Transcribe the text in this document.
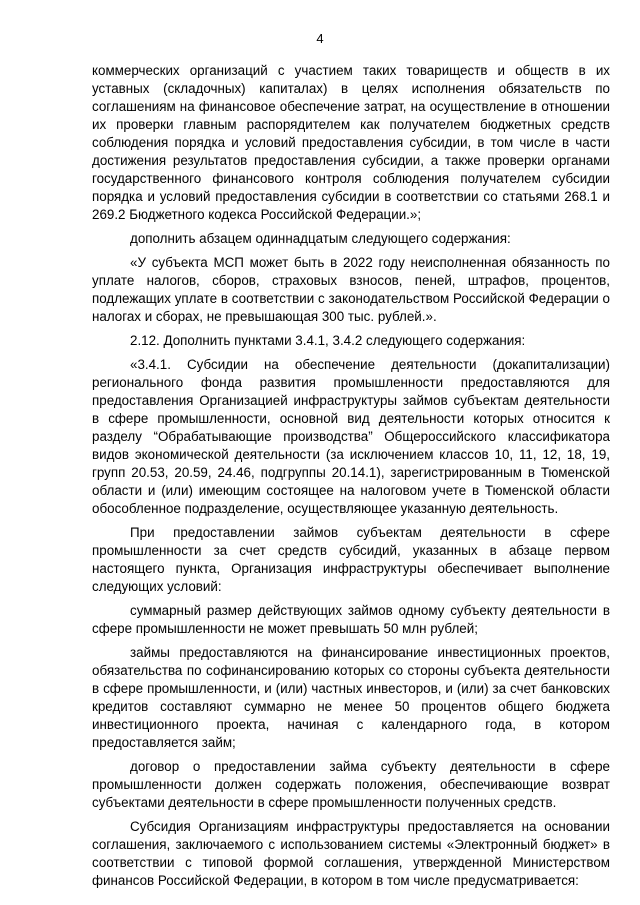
4

коммерческих организаций с участием таких товариществ и обществ в их уставных (складочных) капиталах) в целях исполнения обязательств по соглашениям на финансовое обеспечение затрат, на осуществление в отношении их проверки главным распорядителем как получателем бюджетных средств соблюдения порядка и условий предоставления субсидии, в том числе в части достижения результатов предоставления субсидии, а также проверки органами государственного финансового контроля соблюдения получателем субсидии порядка и условий предоставления субсидии в соответствии со статьями 268.1 и 269.2 Бюджетного кодекса Российской Федерации.»;

дополнить абзацем одиннадцатым следующего содержания:

«У субъекта МСП может быть в 2022 году неисполненная обязанность по уплате налогов, сборов, страховых взносов, пеней, штрафов, процентов, подлежащих уплате в соответствии с законодательством Российской Федерации о налогах и сборах, не превышающая 300 тыс. рублей.».

2.12. Дополнить пунктами 3.4.1, 3.4.2 следующего содержания:

«3.4.1. Субсидии на обеспечение деятельности (докапитализации) регионального фонда развития промышленности предоставляются для предоставления Организацией инфраструктуры займов субъектам деятельности в сфере промышленности, основной вид деятельности которых относится к разделу “Обрабатывающие производства” Общероссийского классификатора видов экономической деятельности (за исключением классов 10, 11, 12, 18, 19, групп 20.53, 20.59, 24.46, подгруппы 20.14.1), зарегистрированным в Тюменской области и (или) имеющим состоящее на налоговом учете в Тюменской области обособленное подразделение, осуществляющее указанную деятельность.

При предоставлении займов субъектам деятельности в сфере промышленности за счет средств субсидий, указанных в абзаце первом настоящего пункта, Организация инфраструктуры обеспечивает выполнение следующих условий:

суммарный размер действующих займов одному субъекту деятельности в сфере промышленности не может превышать 50 млн рублей;

займы предоставляются на финансирование инвестиционных проектов, обязательства по софинансированию которых со стороны субъекта деятельности в сфере промышленности, и (или) частных инвесторов, и (или) за счет банковских кредитов составляют суммарно не менее 50 процентов общего бюджета инвестиционного проекта, начиная с календарного года, в котором предоставляется займ;

договор о предоставлении займа субъекту деятельности в сфере промышленности должен содержать положения, обеспечивающие возврат субъектами деятельности в сфере промышленности полученных средств.

Субсидия Организациям инфраструктуры предоставляется на основании соглашения, заключаемого с использованием системы «Электронный бюджет» в соответствии с типовой формой соглашения, утвержденной Министерством финансов Российской Федерации, в котором в том числе предусматривается:
